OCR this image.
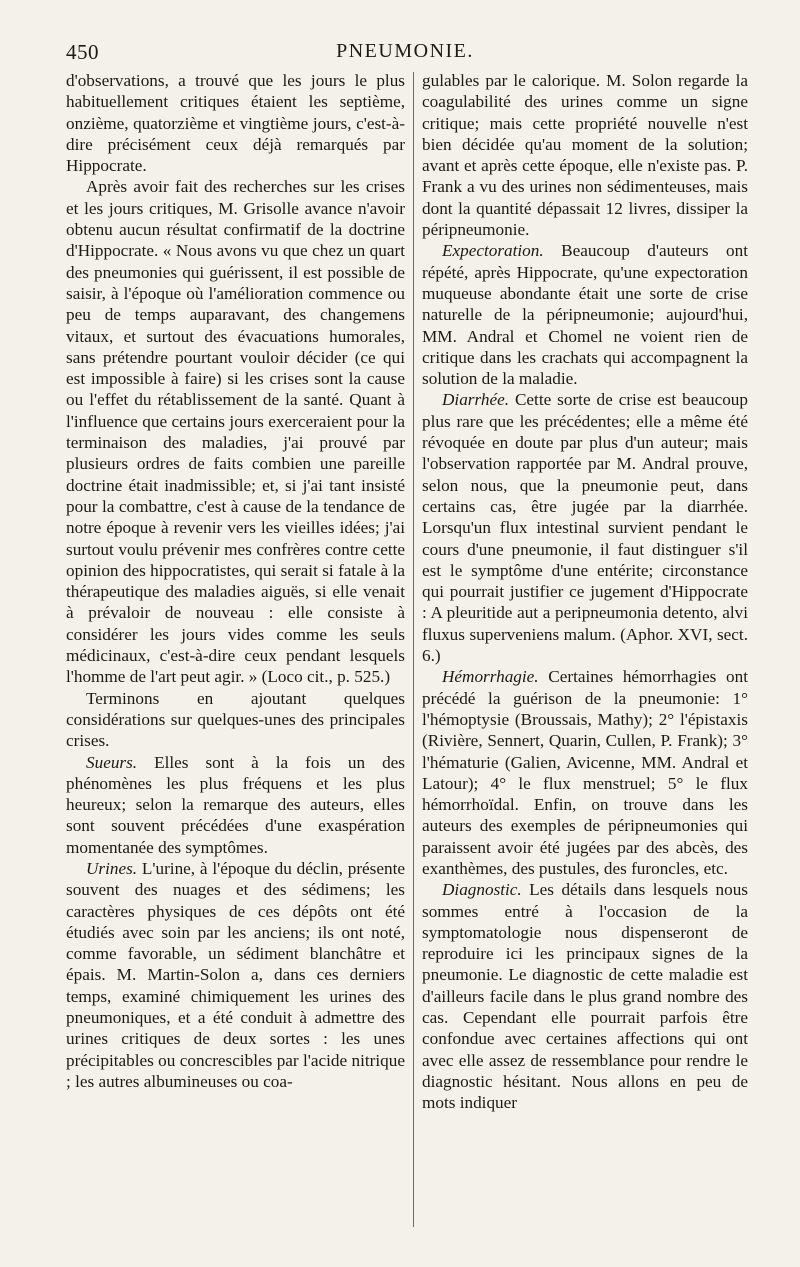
450	PNEUMONIE.

d'observations, a trouvé que les jours le plus habituellement critiques étaient les septième, onzième, quatorzième et vingtième jours, c'est-à-dire précisément ceux déjà remarqués par Hippocrate.

Après avoir fait des recherches sur les crises et les jours critiques, M. Grisolle avance n'avoir obtenu aucun résultat confirmatif de la doctrine d'Hippocrate. « Nous avons vu que chez un quart des pneumonies qui guérissent, il est possible de saisir, à l'époque où l'amélioration commence ou peu de temps auparavant, des changemens vitaux, et surtout des évacuations humorales, sans prétendre pourtant vouloir décider (ce qui est impossible à faire) si les crises sont la cause ou l'effet du rétablissement de la santé. Quant à l'influence que certains jours exerceraient pour la terminaison des maladies, j'ai prouvé par plusieurs ordres de faits combien une pareille doctrine était inadmissible; et, si j'ai tant insisté pour la combattre, c'est à cause de la tendance de notre époque à revenir vers les vieilles idées; j'ai surtout voulu prévenir mes confrères contre cette opinion des hippocratistes, qui serait si fatale à la thérapeutique des maladies aiguës, si elle venait à prévaloir de nouveau : elle consiste à considérer les jours vides comme les seuls médicinaux, c'est-à-dire ceux pendant lesquels l'homme de l'art peut agir. » (Loco cit., p. 525.)

Terminons en ajoutant quelques considérations sur quelques-unes des principales crises.

Sueurs. Elles sont à la fois un des phénomènes les plus fréquens et les plus heureux; selon la remarque des auteurs, elles sont souvent précédées d'une exaspération momentanée des symptômes.

Urines. L'urine, à l'époque du déclin, présente souvent des nuages et des sédimens; les caractères physiques de ces dépôts ont été étudiés avec soin par les anciens; ils ont noté, comme favorable, un sédiment blanchâtre et épais. M. Martin-Solon a, dans ces derniers temps, examiné chimiquement les urines des pneumoniques, et a été conduit à admettre des urines critiques de deux sortes : les unes précipitables ou concrescibles par l'acide nitrique ; les autres albumineuses ou coa-

gulables par le calorique. M. Solon regarde la coagulabilité des urines comme un signe critique; mais cette propriété nouvelle n'est bien décidée qu'au moment de la solution; avant et après cette époque, elle n'existe pas. P. Frank a vu des urines non sédimenteuses, mais dont la quantité dépassait 12 livres, dissiper la péripneumonie.

Expectoration. Beaucoup d'auteurs ont répété, après Hippocrate, qu'une expectoration muqueuse abondante était une sorte de crise naturelle de la péripneumonie; aujourd'hui, MM. Andral et Chomel ne voient rien de critique dans les crachats qui accompagnent la solution de la maladie.

Diarrhée. Cette sorte de crise est beaucoup plus rare que les précédentes; elle a même été révoquée en doute par plus d'un auteur; mais l'observation rapportée par M. Andral prouve, selon nous, que la pneumonie peut, dans certains cas, être jugée par la diarrhée. Lorsqu'un flux intestinal survient pendant le cours d'une pneumonie, il faut distinguer s'il est le symptôme d'une entérite; circonstance qui pourrait justifier ce jugement d'Hippocrate : A pleuritide aut a peripneumonia detento, alvi fluxus superveniens malum. (Aphor. XVI, sect. 6.)

Hémorrhagie. Certaines hémorrhagies ont précédé la guérison de la pneumonie: 1° l'hémoptysie (Broussais, Mathy); 2° l'épistaxis (Rivière, Sennert, Quarin, Cullen, P. Frank); 3° l'hématurie (Galien, Avicenne, MM. Andral et Latour); 4° le flux menstruel; 5° le flux hémorrhoïdal. Enfin, on trouve dans les auteurs des exemples de péripneumonies qui paraissent avoir été jugées par des abcès, des exanthèmes, des pustules, des furoncles, etc.

Diagnostic. Les détails dans lesquels nous sommes entré à l'occasion de la symptomatologie nous dispenseront de reproduire ici les principaux signes de la pneumonie. Le diagnostic de cette maladie est d'ailleurs facile dans le plus grand nombre des cas. Cependant elle pourrait parfois être confondue avec certaines affections qui ont avec elle assez de ressemblance pour rendre le diagnostic hésitant. Nous allons en peu de mots indiquer
